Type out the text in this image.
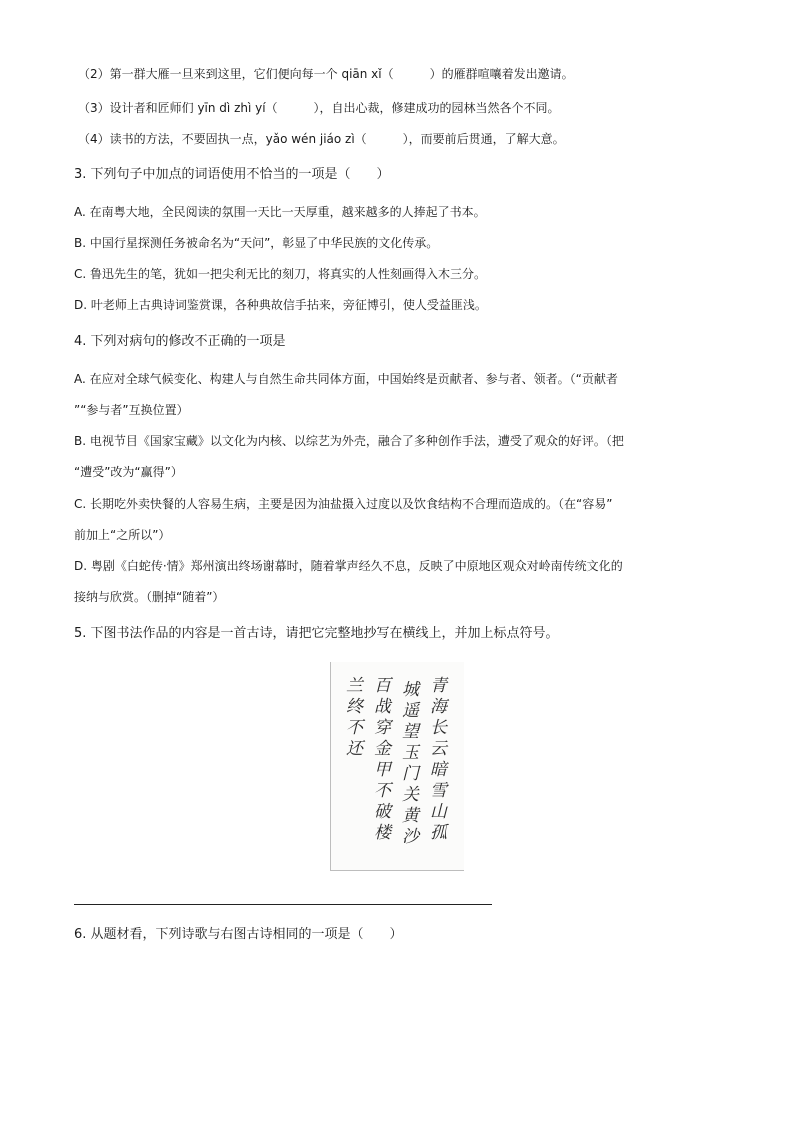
（2）第一群大雁一旦来到这里，它们便向每一个 qiān xǐ（　　　）的雁群喧嚷着发出邀请。
（3）设计者和匠师们 yīn dì zhì yí（　　　），自出心裁，修建成功的园林当然各个不同。
（4）读书的方法，不要固执一点，yǎo wén jiáo zì（　　　），而要前后贯通，了解大意。
3. 下列句子中加点的词语使用不恰当的一项是（　　）
A. 在南粤大地，全民阅读的氛围一天比一天厚重，越来越多的人捧起了书本。
B. 中国行星探测任务被命名为“天问”，彰显了中华民族的文化传承。
C. 鲁迅先生的笔，犹如一把尖利无比的刻刀，将真实的人性刻画得入木三分。
D. 叶老师上古典诗词鉴赏课，各种典故信手拈来，旁征博引，使人受益匪浅。
4. 下列对病句的修改不正确的一项是
A. 在应对全球气候变化、构建人与自然生命共同体方面，中国始终是贡献者、参与者、领者。（“贡献者
”“参与者”互换位置）
B. 电视节目《国家宝藏》以文化为内核、以综艺为外壳，融合了多种创作手法，遭受了观众的好评。（把
“遭受”改为“赢得”）
C. 长期吃外卖快餐的人容易生病，主要是因为油盐摄入过度以及饮食结构不合理而造成的。（在“容易”
前加上“之所以”）
D. 粤剧《白蛇传·情》郑州演出终场谢幕时，随着掌声经久不息，反映了中原地区观众对岭南传统文化的
接纳与欣赏。（删掉“随着”）
5. 下图书法作品的内容是一首古诗，请把它完整地抄写在横线上，并加上标点符号。
青海长云暗雪山孤
城遥望玉门关黄沙
百战穿金甲不破楼
兰终不还
6. 从题材看，下列诗歌与右图古诗相同的一项是（　　）
